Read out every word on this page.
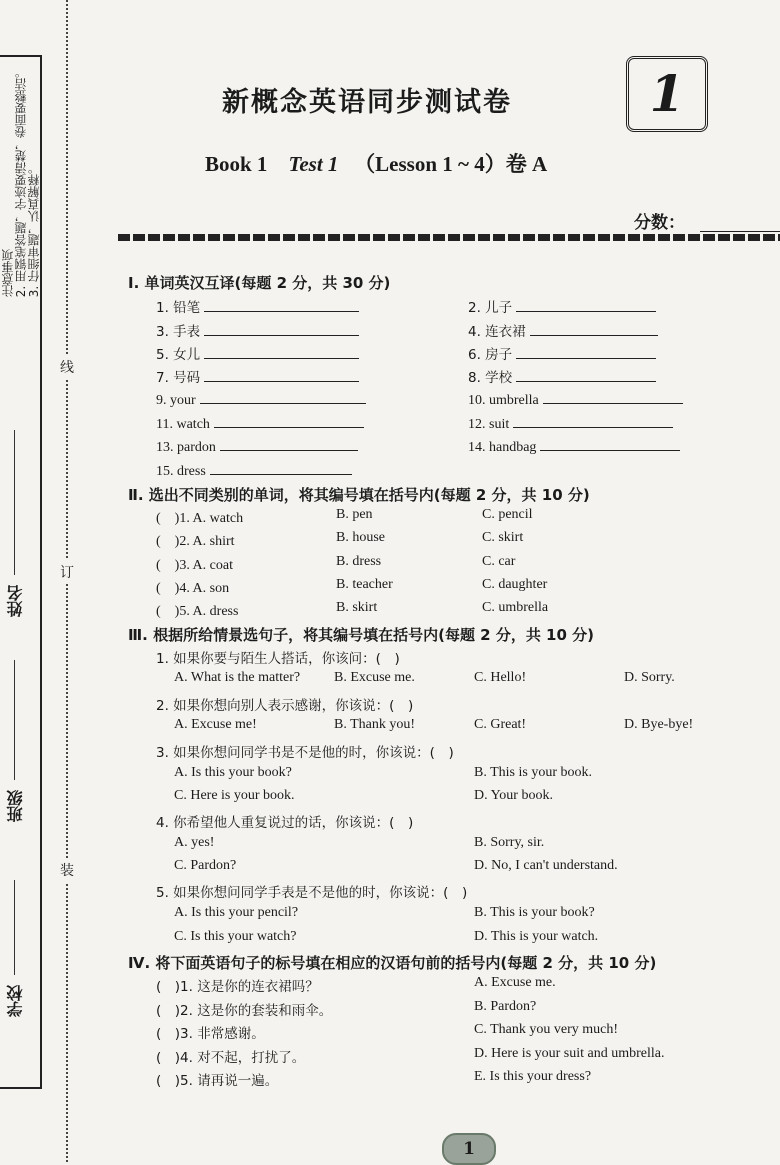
注意事项 2. 用钢笔答题，字迹要清楚，卷面要整洁。 3. 仔细审题，认真解释。
学校
班级
姓名
线
订
装
新概念英语同步测试卷	1
Book 1 Test 1 （Lesson 1 ~ 4）卷 A
分数：
Ⅰ. 单词英汉互译(每题 2 分，共 30 分)
1. 铅笔	2. 儿子
3. 手表	4. 连衣裙
5. 女儿	6. 房子
7. 号码	8. 学校
9. your	10. umbrella
11. watch	12. suit
13. pardon	14. handbag
15. dress
Ⅱ. 选出不同类别的单词，将其编号填在括号内(每题 2 分，共 10 分)
(　)1. A. watch	B. pen	C. pencil
(　)2. A. shirt	B. house	C. skirt
(　)3. A. coat	B. dress	C. car
(　)4. A. son	B. teacher	C. daughter
(　)5. A. dress	B. skirt	C. umbrella
Ⅲ. 根据所给情景选句子，将其编号填在括号内(每题 2 分，共 10 分)
1. 如果你要与陌生人搭话，你该问：(　)
A. What is the matter? B. Excuse me.	C. Hello!	D. Sorry.
2. 如果你想向别人表示感谢，你该说：(　)
A. Excuse me!	B. Thank you!	C. Great!	D. Bye-bye!
3. 如果你想问同学书是不是他的时，你该说：(　)
A. Is this your book?	B. This is your book.
C. Here is your book.	D. Your book.
4. 你希望他人重复说过的话，你该说：(　)
A. yes!	B. Sorry, sir.
C. Pardon?	D. No, I can't understand.
5. 如果你想问同学手表是不是他的时，你该说：(　)
A. Is this your pencil?	B. This is your book?
C. Is this your watch?	D. This is your watch.
Ⅳ. 将下面英语句子的标号填在相应的汉语句前的括号内(每题 2 分，共 10 分)
(　)1. 这是你的连衣裙吗？	A. Excuse me.
(　)2. 这是你的套装和雨伞。	B. Pardon?
(　)3. 非常感谢。	C. Thank you very much!
(　)4. 对不起，打扰了。	D. Here is your suit and umbrella.
(　)5. 请再说一遍。	E. Is this your dress?
1
